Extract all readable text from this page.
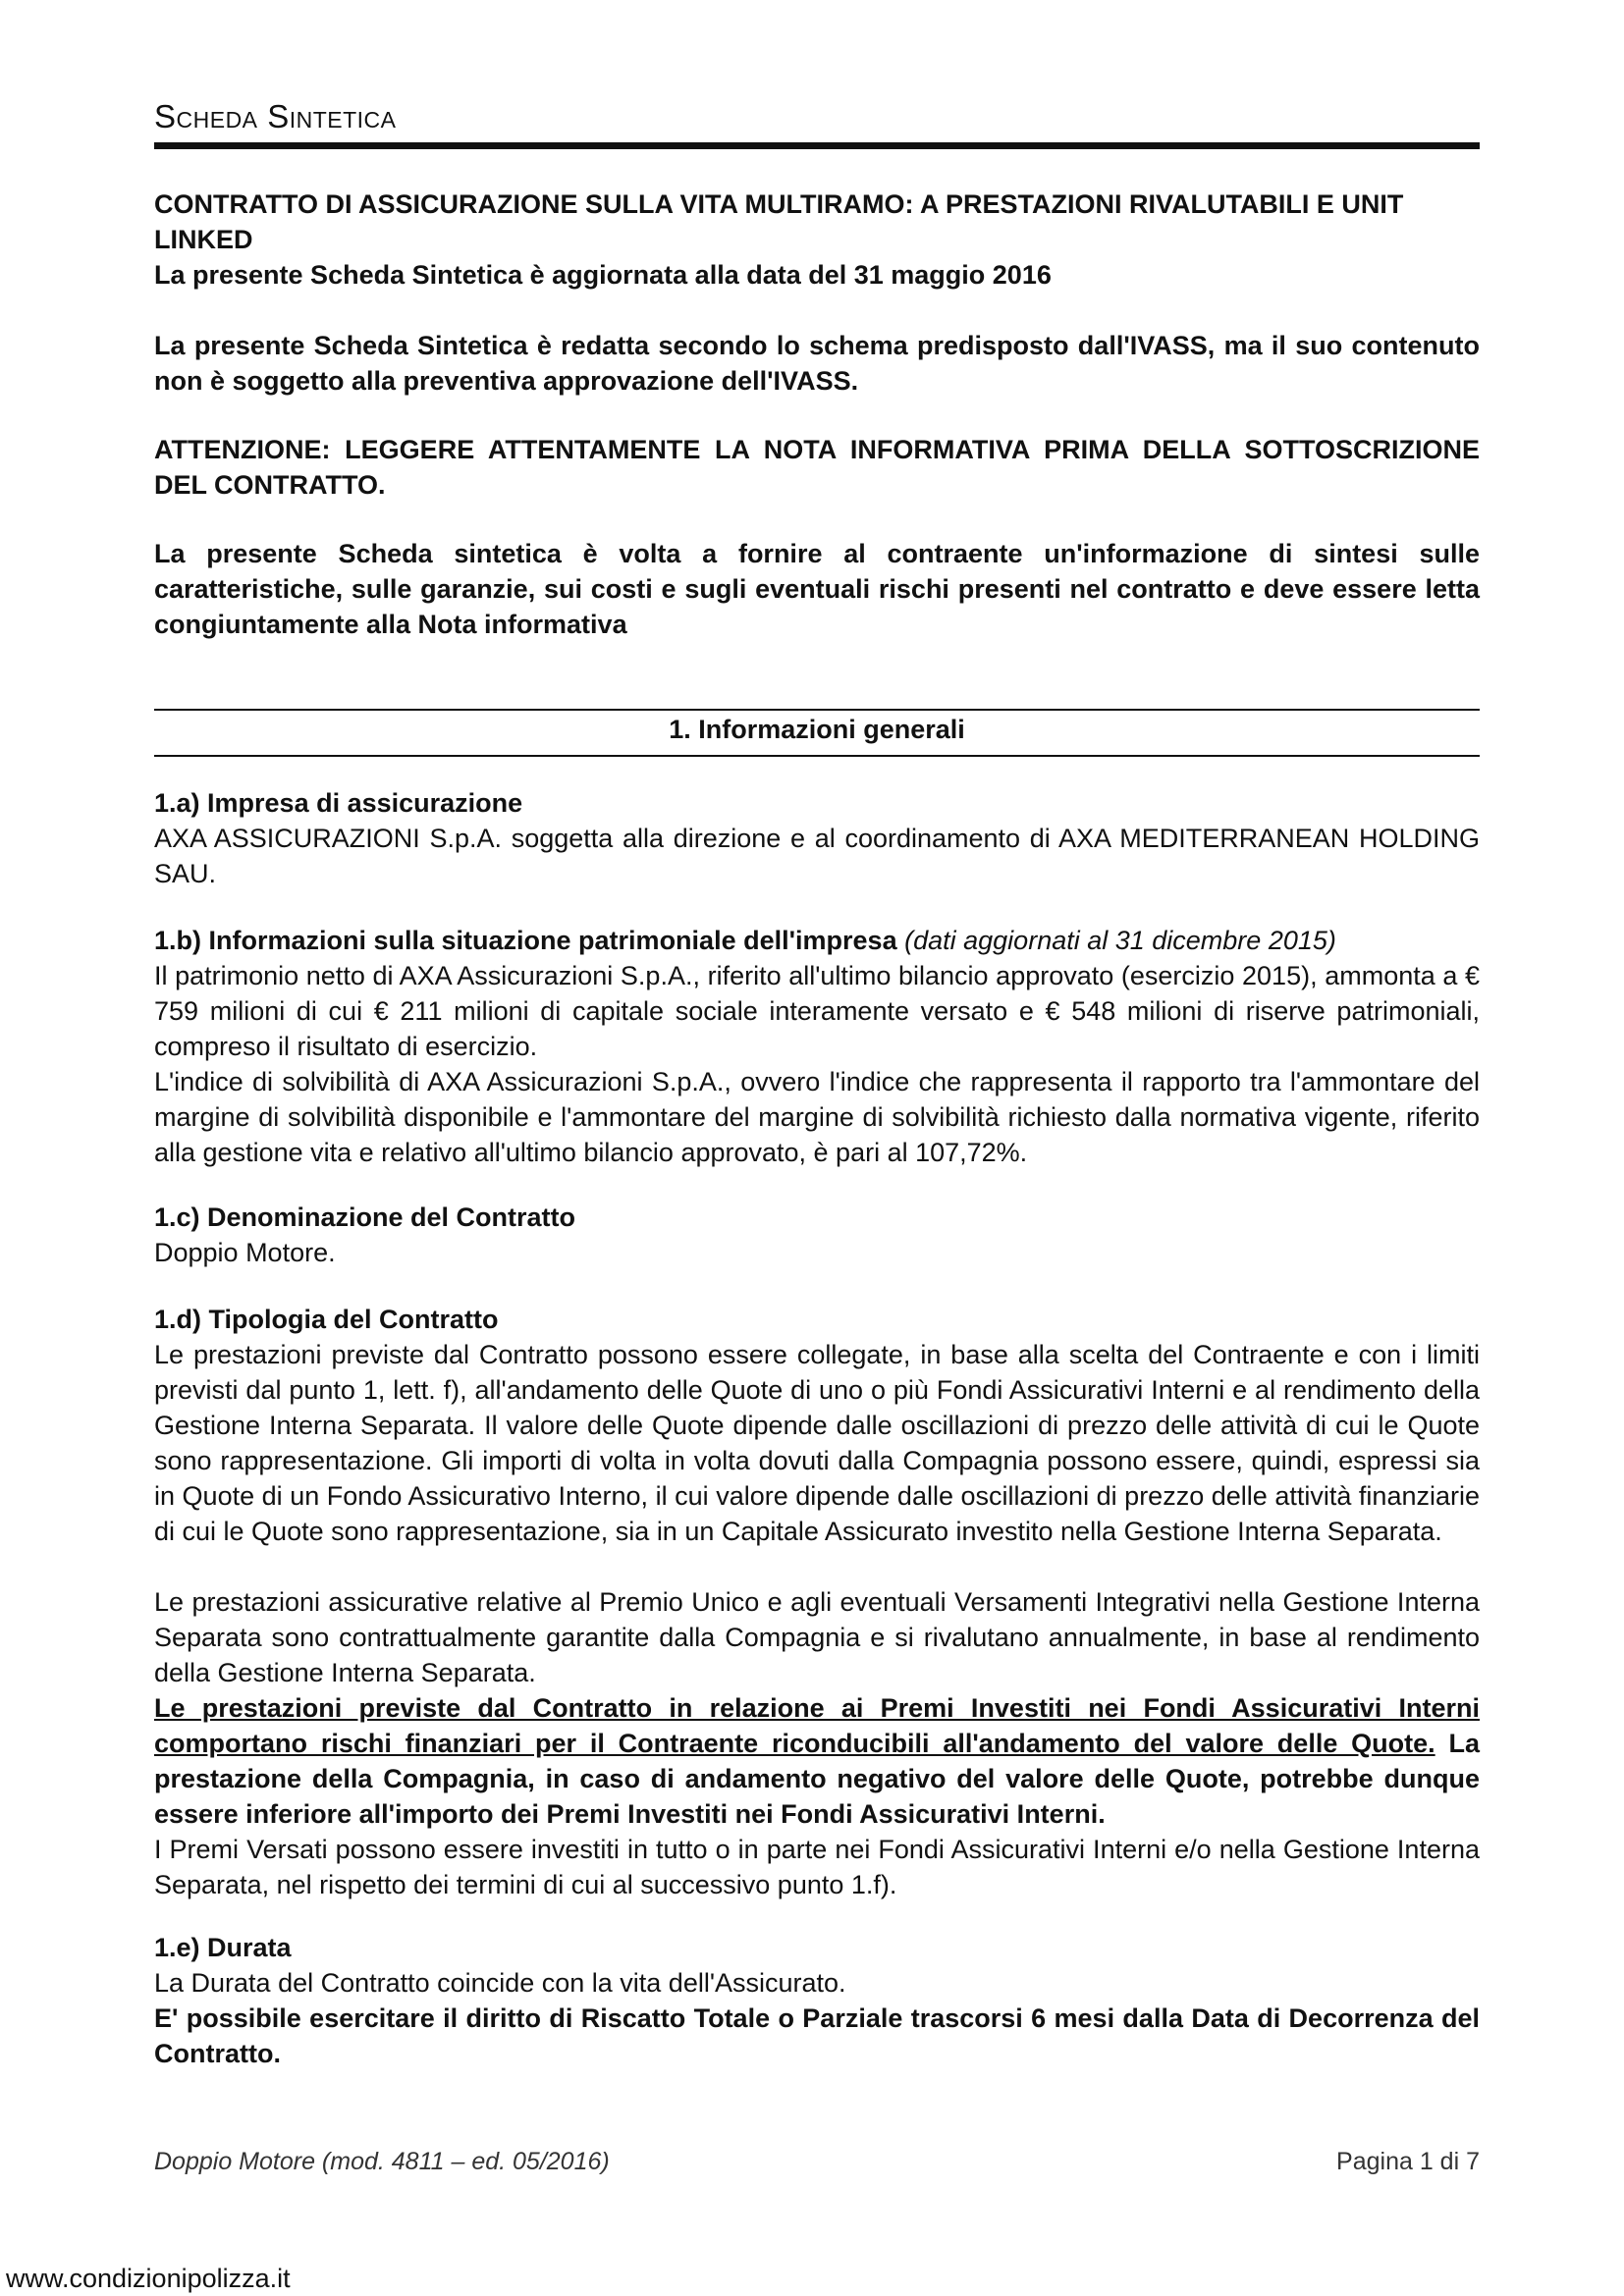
Scheda Sintetica
CONTRATTO DI ASSICURAZIONE SULLA VITA MULTIRAMO: A PRESTAZIONI RIVALUTABILI E UNIT LINKED
La presente Scheda Sintetica è aggiornata alla data del 31 maggio 2016
La presente Scheda Sintetica è redatta secondo lo schema predisposto dall'IVASS, ma il suo contenuto non è soggetto alla preventiva approvazione dell'IVASS.
ATTENZIONE: LEGGERE ATTENTAMENTE LA NOTA INFORMATIVA PRIMA DELLA SOTTOSCRIZIONE DEL CONTRATTO.
La presente Scheda sintetica è volta a fornire al contraente un'informazione di sintesi sulle caratteristiche, sulle garanzie, sui costi e sugli eventuali rischi presenti nel contratto e deve essere letta congiuntamente alla Nota informativa
1. Informazioni generali
1.a) Impresa di assicurazione
AXA ASSICURAZIONI S.p.A. soggetta alla direzione e al coordinamento di AXA MEDITERRANEAN HOLDING SAU.
1.b) Informazioni sulla situazione patrimoniale dell'impresa (dati aggiornati al 31 dicembre 2015)
Il patrimonio netto di AXA Assicurazioni S.p.A., riferito all'ultimo bilancio approvato (esercizio 2015), ammonta a € 759 milioni di cui € 211 milioni di capitale sociale interamente versato e € 548 milioni di riserve patrimoniali, compreso il risultato di esercizio.
L'indice di solvibilità di AXA Assicurazioni S.p.A., ovvero l'indice che rappresenta il rapporto tra l'ammontare del margine di solvibilità disponibile e l'ammontare del margine di solvibilità richiesto dalla normativa vigente, riferito alla gestione vita e relativo all'ultimo bilancio approvato, è pari al 107,72%.
1.c) Denominazione del Contratto
Doppio Motore.
1.d) Tipologia del Contratto
Le prestazioni previste dal Contratto possono essere collegate, in base alla scelta del Contraente e con i limiti previsti dal punto 1, lett. f), all'andamento delle Quote di uno o più Fondi Assicurativi Interni e al rendimento della Gestione Interna Separata. Il valore delle Quote dipende dalle oscillazioni di prezzo delle attività di cui le Quote sono rappresentazione. Gli importi di volta in volta dovuti dalla Compagnia possono essere, quindi, espressi sia in Quote di un Fondo Assicurativo Interno, il cui valore dipende dalle oscillazioni di prezzo delle attività finanziarie di cui le Quote sono rappresentazione, sia in un Capitale Assicurato investito nella Gestione Interna Separata.
Le prestazioni assicurative relative al Premio Unico e agli eventuali Versamenti Integrativi nella Gestione Interna Separata sono contrattualmente garantite dalla Compagnia e si rivalutano annualmente, in base al rendimento della Gestione Interna Separata.
Le prestazioni previste dal Contratto in relazione ai Premi Investiti nei Fondi Assicurativi Interni comportano rischi finanziari per il Contraente riconducibili all'andamento del valore delle Quote. La prestazione della Compagnia, in caso di andamento negativo del valore delle Quote, potrebbe dunque essere inferiore all'importo dei Premi Investiti nei Fondi Assicurativi Interni.
I Premi Versati possono essere investiti in tutto o in parte nei Fondi Assicurativi Interni e/o nella Gestione Interna Separata, nel rispetto dei termini di cui al successivo punto 1.f).
1.e) Durata
La Durata del Contratto coincide con la vita dell'Assicurato.
E' possibile esercitare il diritto di Riscatto Totale o Parziale trascorsi 6 mesi dalla Data di Decorrenza del Contratto.
Doppio Motore (mod. 4811 – ed. 05/2016)	Pagina 1 di 7
www.condizionipolizza.it
